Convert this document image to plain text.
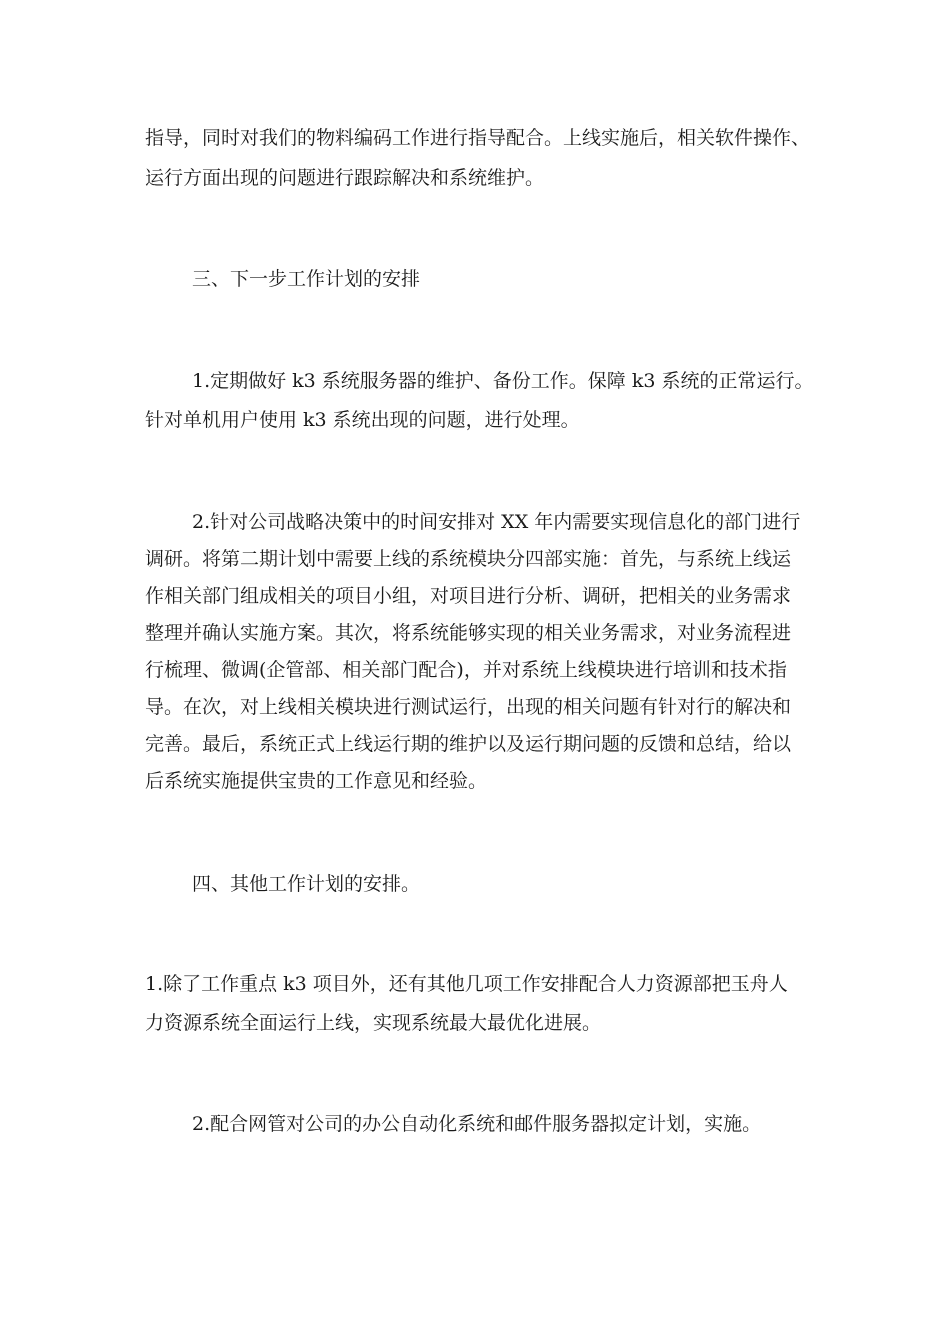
指导，同时对我们的物料编码工作进行指导配合。上线实施后，相关软件操作、

运行方面出现的问题进行跟踪解决和系统维护。

三、下一步工作计划的安排

1.定期做好 k3 系统服务器的维护、备份工作。保障 k3 系统的正常运行。

针对单机用户使用 k3 系统出现的问题，进行处理。

2.针对公司战略决策中的时间安排对 XX 年内需要实现信息化的部门进行

调研。将第二期计划中需要上线的系统模块分四部实施：首先，与系统上线运

作相关部门组成相关的项目小组，对项目进行分析、调研，把相关的业务需求

整理并确认实施方案。其次，将系统能够实现的相关业务需求，对业务流程进

行梳理、微调(企管部、相关部门配合)，并对系统上线模块进行培训和技术指

导。在次，对上线相关模块进行测试运行，出现的相关问题有针对行的解决和

完善。最后，系统正式上线运行期的维护以及运行期问题的反馈和总结，给以

后系统实施提供宝贵的工作意见和经验。

四、其他工作计划的安排。

1.除了工作重点 k3 项目外，还有其他几项工作安排配合人力资源部把玉舟人

力资源系统全面运行上线，实现系统最大最优化进展。

2.配合网管对公司的办公自动化系统和邮件服务器拟定计划，实施。
